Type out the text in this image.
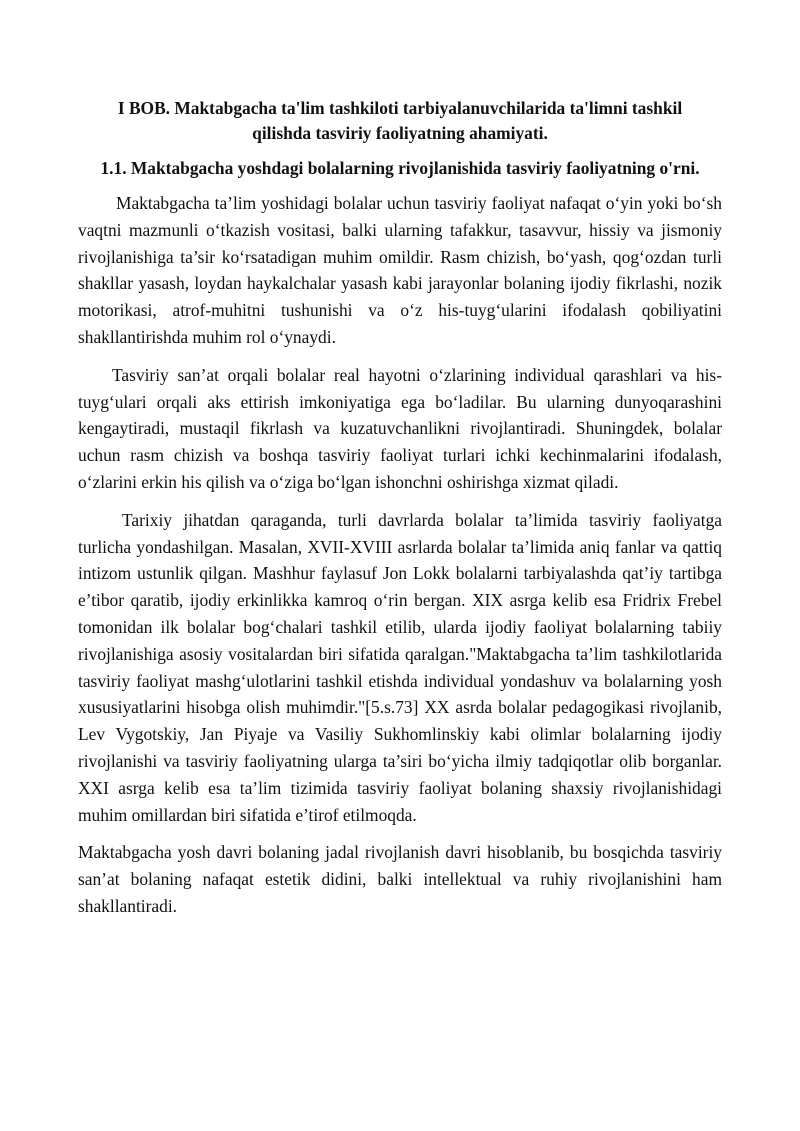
I BOB. Maktabgacha ta'lim tashkiloti tarbiyalanuvchilarida ta'limni tashkil
qilishda tasviriy faoliyatning ahamiyati.
1.1. Maktabgacha yoshdagi bolalarning rivojlanishida tasviriy faoliyatning o'rni.

Maktabgacha ta’lim yoshidagi bolalar uchun tasviriy faoliyat nafaqat o‘yin yoki bo‘sh vaqtni mazmunli o‘tkazish vositasi, balki ularning tafakkur, tasavvur, hissiy va jismoniy rivojlanishiga ta’sir ko‘rsatadigan muhim omildir. Rasm chizish, bo‘yash, qog‘ozdan turli shakllar yasash, loydan haykalchalar yasash kabi jarayonlar bolaning ijodiy fikrlashi, nozik motorikasi, atrof-muhitni tushunishi va o‘z his-tuyg‘ularini ifodalash qobiliyatini shakllantirishda muhim rol o‘ynaydi.

Tasviriy san’at orqali bolalar real hayotni o‘zlarining individual qarashlari va his-tuyg‘ulari orqali aks ettirish imkoniyatiga ega bo‘ladilar. Bu ularning dunyoqarashini kengaytiradi, mustaqil fikrlash va kuzatuvchanlikni rivojlantiradi. Shuningdek, bolalar uchun rasm chizish va boshqa tasviriy faoliyat turlari ichki kechinmalarini ifodalash, o‘zlarini erkin his qilish va o‘ziga bo‘lgan ishonchni oshirishga xizmat qiladi.

Tarixiy jihatdan qaraganda, turli davrlarda bolalar ta’limida tasviriy faoliyatga turlicha yondashilgan. Masalan, XVII-XVIII asrlarda bolalar ta’limida aniq fanlar va qattiq intizom ustunlik qilgan. Mashhur faylasuf Jon Lokk bolalarni tarbiyalashda qat’iy tartibga e’tibor qaratib, ijodiy erkinlikka kamroq o‘rin bergan. XIX asrga kelib esa Fridrix Frebel tomonidan ilk bolalar bog‘chalari tashkil etilib, ularda ijodiy faoliyat bolalarning tabiiy rivojlanishiga asosiy vositalardan biri sifatida qaralgan."Maktabgacha ta’lim tashkilotlarida tasviriy faoliyat mashg‘ulotlarini tashkil etishda individual yondashuv va bolalarning yosh xususiyatlarini hisobga olish muhimdir."[5.s.73] XX asrda bolalar pedagogikasi rivojlanib, Lev Vygotskiy, Jan Piyaje va Vasiliy Sukhomlinskiy kabi olimlar bolalarning ijodiy rivojlanishi va tasviriy faoliyatning ularga ta’siri bo‘yicha ilmiy tadqiqotlar olib borganlar. XXI asrga kelib esa ta’lim tizimida tasviriy faoliyat bolaning shaxsiy rivojlanishidagi muhim omillardan biri sifatida e’tirof etilmoqda.

Maktabgacha yosh davri bolaning jadal rivojlanish davri hisoblanib, bu bosqichda tasviriy san’at bolaning nafaqat estetik didini, balki intellektual va ruhiy rivojlanishini ham shakllantiradi.
